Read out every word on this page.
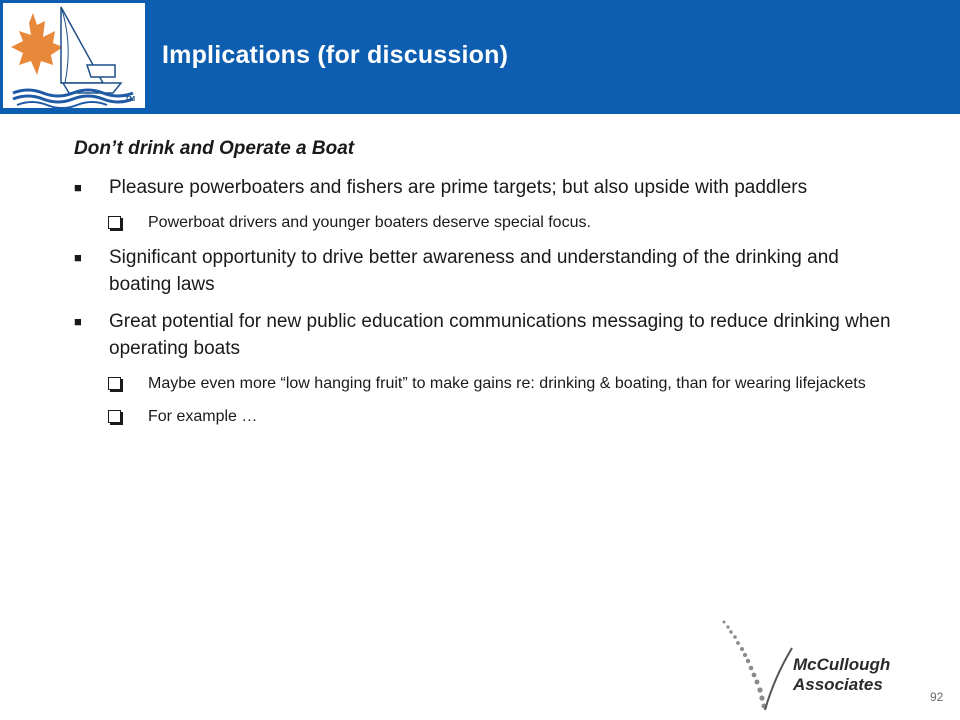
TM
Implications (for discussion)
Don’t drink and Operate a Boat
■ Pleasure powerboaters and fishers are prime targets; but also upside with paddlers
Powerboat drivers and younger boaters deserve special focus.
■ Significant opportunity to drive better awareness and understanding of the drinking and boating laws
■ Great potential for new public education communications messaging to reduce drinking when operating boats
Maybe even more “low hanging fruit” to make gains re: drinking & boating, than for wearing lifejackets
For example …
McCullough
Associates
92
